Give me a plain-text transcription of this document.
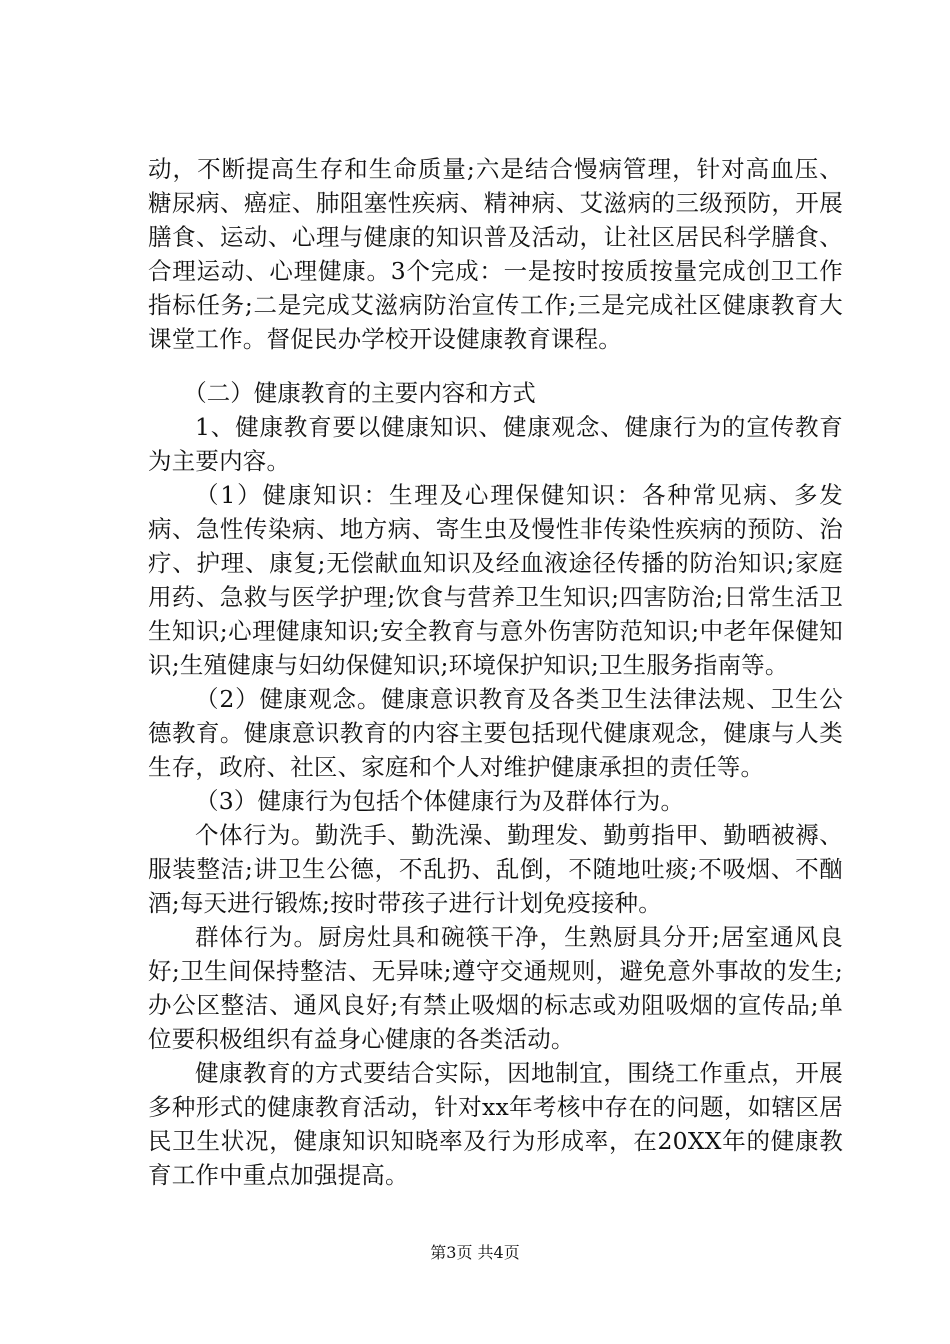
动，不断提高生存和生命质量;六是结合慢病管理，针对高血压、糖尿病、癌症、肺阻塞性疾病、精神病、艾滋病的三级预防，开展膳食、运动、心理与健康的知识普及活动，让社区居民科学膳食、合理运动、心理健康。3个完成：一是按时按质按量完成创卫工作指标任务;二是完成艾滋病防治宣传工作;三是完成社区健康教育大课堂工作。督促民办学校开设健康教育课程。

（二）健康教育的主要内容和方式

1、健康教育要以健康知识、健康观念、健康行为的宣传教育为主要内容。

（1）健康知识：生理及心理保健知识：各种常见病、多发病、急性传染病、地方病、寄生虫及慢性非传染性疾病的预防、治疗、护理、康复;无偿献血知识及经血液途径传播的防治知识;家庭用药、急救与医学护理;饮食与营养卫生知识;四害防治;日常生活卫生知识;心理健康知识;安全教育与意外伤害防范知识;中老年保健知识;生殖健康与妇幼保健知识;环境保护知识;卫生服务指南等。

（2）健康观念。健康意识教育及各类卫生法律法规、卫生公德教育。健康意识教育的内容主要包括现代健康观念，健康与人类生存，政府、社区、家庭和个人对维护健康承担的责任等。

（3）健康行为包括个体健康行为及群体行为。

个体行为。勤洗手、勤洗澡、勤理发、勤剪指甲、勤晒被褥、服装整洁;讲卫生公德，不乱扔、乱倒，不随地吐痰;不吸烟、不酗酒;每天进行锻炼;按时带孩子进行计划免疫接种。

群体行为。厨房灶具和碗筷干净，生熟厨具分开;居室通风良好;卫生间保持整洁、无异味;遵守交通规则，避免意外事故的发生;办公区整洁、通风良好;有禁止吸烟的标志或劝阻吸烟的宣传品;单位要积极组织有益身心健康的各类活动。

健康教育的方式要结合实际，因地制宜，围绕工作重点，开展多种形式的健康教育活动，针对xx年考核中存在的问题，如辖区居民卫生状况，健康知识知晓率及行为形成率，在20XX年的健康教育工作中重点加强提高。

第3页 共4页
